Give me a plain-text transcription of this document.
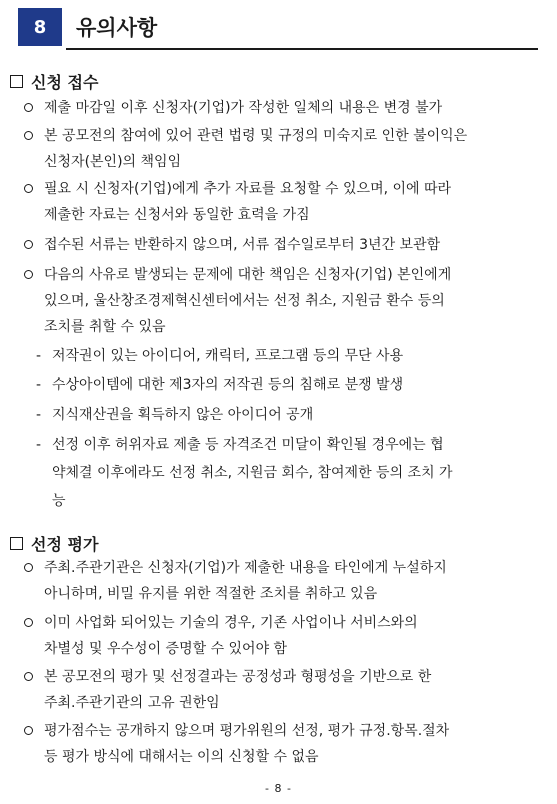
8	유의사항
신청 접수
제출 마감일 이후 신청자(기업)가 작성한 일체의 내용은 변경 불가
본 공모전의 참여에 있어 관련 법령 및 규정의 미숙지로 인한 불이익은
신청자(본인)의 책임임
필요 시 신청자(기업)에게 추가 자료를 요청할 수 있으며, 이에 따라
제출한 자료는 신청서와 동일한 효력을 가짐
접수된 서류는 반환하지 않으며, 서류 접수일로부터 3년간 보관함
다음의 사유로 발생되는 문제에 대한 책임은 신청자(기업) 본인에게
있으며, 울산창조경제혁신센터에서는 선정 취소, 지원금 환수 등의
조치를 취할 수 있음
- 저작권이 있는 아이디어, 캐릭터, 프로그램 등의 무단 사용
- 수상아이템에 대한 제3자의 저작권 등의 침해로 분쟁 발생
- 지식재산권을 획득하지 않은 아이디어 공개
- 선정 이후 허위자료 제출 등 자격조건 미달이 확인될 경우에는 협
약체결 이후에라도 선정 취소, 지원금 회수, 참여제한 등의 조치 가
능
선정 평가
주최.주관기관은 신청자(기업)가 제출한 내용을 타인에게 누설하지
아니하며, 비밀 유지를 위한 적절한 조치를 취하고 있음
이미 사업화 되어있는 기술의 경우, 기존 사업이나 서비스와의
차별성 및 우수성이 증명할 수 있어야 함
본 공모전의 평가 및 선정결과는 공정성과 형평성을 기반으로 한
주최.주관기관의 고유 권한임
평가점수는 공개하지 않으며 평가위원의 선정, 평가 규정.항목.절차
등 평가 방식에 대해서는 이의 신청할 수 없음
- 8 -
